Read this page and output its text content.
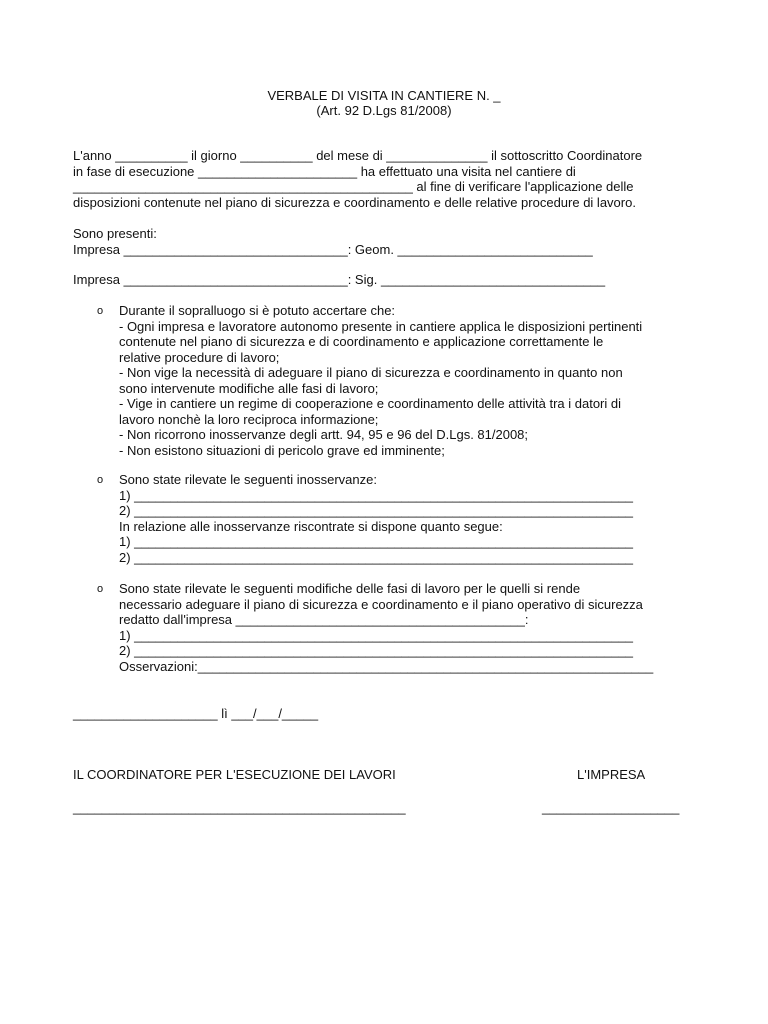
VERBALE DI VISITA IN CANTIERE N. _
(Art. 92 D.Lgs 81/2008)
L'anno __________ il giorno __________ del mese di ______________ il sottoscritto Coordinatore
in fase di esecuzione ______________________ ha effettuato una visita nel cantiere di
_______________________________________________ al fine di verificare l'applicazione delle
disposizioni contenute nel piano di sicurezza e coordinamento e delle relative procedure di lavoro.
Sono presenti:
Impresa _______________________________: Geom. ___________________________
Impresa _______________________________: Sig. _______________________________
o Durante il sopralluogo si è potuto accertare che:
- Ogni impresa e lavoratore autonomo presente in cantiere applica le disposizioni pertinenti
contenute nel piano di sicurezza e di coordinamento e applicazione correttamente le
relative procedure di lavoro;
- Non vige la necessità di adeguare il piano di sicurezza e coordinamento in quanto non
sono intervenute modifiche alle fasi di lavoro;
- Vige in cantiere un regime di cooperazione e coordinamento delle attività tra i datori di
lavoro nonchè la loro reciproca informazione;
- Non ricorrono inosservanze degli artt. 94, 95 e 96 del D.Lgs. 81/2008;
- Non esistono situazioni di pericolo grave ed imminente;
o Sono state rilevate le seguenti inosservanze:
1) _____________________________________________________________________
2) _____________________________________________________________________
In relazione alle inosservanze riscontrate si dispone quanto segue:
1) _____________________________________________________________________
2) _____________________________________________________________________
o Sono state rilevate le seguenti modifiche delle fasi di lavoro per le quelli si rende
necessario adeguare il piano di sicurezza e coordinamento e il piano operativo di sicurezza
redatto dall'impresa ________________________________________:
1) _____________________________________________________________________
2) _____________________________________________________________________
Osservazioni:_______________________________________________________________
____________________ lì ___/___/_____
IL COORDINATORE PER L'ESECUZIONE DEI LAVORI	L'IMPRESA
______________________________________________	___________________
